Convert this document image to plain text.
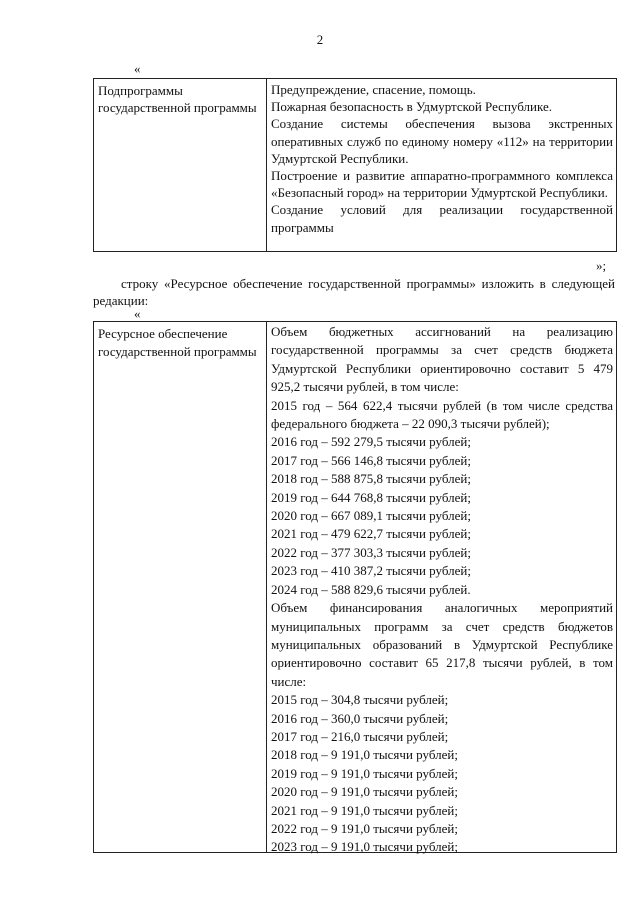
2
«
Подпрограммы государственной программы

Предупреждение, спасение, помощь.

Пожарная безопасность в Удмуртской Республике.

Создание системы обеспечения вызова экстренных оперативных служб по единому номеру «112» на территории Удмуртской Республики.

Построение и развитие аппаратно-программного комплекса «Безопасный город» на территории Удмуртской Республики.

Создание условий для реализации государственной программы

»;

строку «Ресурсное обеспечение государственной программы» изложить в следующей редакции:

«
Ресурсное обеспечение государственной программы

Объем бюджетных ассигнований на реализацию государственной программы за счет средств бюджета Удмуртской Республики ориентировочно составит 5 479 925,2 тысячи рублей, в том числе:

2015 год – 564 622,4 тысячи рублей (в том числе средства федерального бюджета – 22 090,3 тысячи рублей);

2016 год – 592 279,5 тысячи рублей;

2017 год – 566 146,8 тысячи рублей;

2018 год – 588 875,8 тысячи рублей;

2019 год – 644 768,8 тысячи рублей;

2020 год – 667 089,1 тысячи рублей;

2021 год – 479 622,7 тысячи рублей;

2022 год – 377 303,3 тысячи рублей;

2023 год – 410 387,2 тысячи рублей;

2024 год – 588 829,6 тысячи рублей.

Объем финансирования аналогичных мероприятий муниципальных программ за счет средств бюджетов муниципальных образований в Удмуртской Республике ориентировочно составит 65 217,8 тысячи рублей, в том числе:

2015 год – 304,8 тысячи рублей;

2016 год – 360,0 тысячи рублей;

2017 год – 216,0 тысячи рублей;

2018 год – 9 191,0 тысячи рублей;

2019 год – 9 191,0 тысячи рублей;

2020 год – 9 191,0 тысячи рублей;

2021 год – 9 191,0 тысячи рублей;

2022 год – 9 191,0 тысячи рублей;

2023 год – 9 191,0 тысячи рублей;
